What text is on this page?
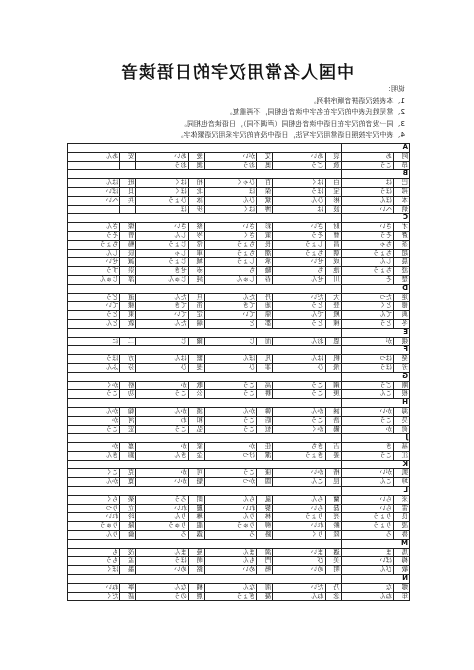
中国人名常用汉字的日语读音
说明：
1、本表按汉语拼音顺序排列。
2、常见姓氏表中的汉字在名字中读音也相同，不再重复。
3、同一发音的汉字在日语中读音也相同（声调不同），日语读音也相同。
4、表中汉字按照日语常用汉字写法，日语中没有的汉字采用汉语繁体字。
A									
阿	あ	哀	あい	艾	がい	愛	あい	安	あん
昂	こう	敖	ごう	奥	おう	澳	おう		
B									
巴	は	白	はく	百	ひゃく	柏	はく	班	はん
邦	ほう	宝	ほう	保	ほ	北	ほく	貝	ばい
本	ほん	彬	ひん	斌	ひん	冰	ひょう	兵	へい
炳	へい	波	は	博	はく	步	ほ		
C									
才	さい	財	ざい	彩	さい	蔡	さい	燦	さん
蒼	そう	曹	そう	策	さく	岑	しん	曾	そう
茶	ちゃ	昌	しょう	長	ちょう	常	じょう	暢	ちょう
超	ちょう	朝	ちょう	潮	ちょう	車	しゃ	辰	しん
晨	しん	成	せい	承	しょう	城	じょう	誠	せい
澄	ちょう	池	ち	馳	ち	赤	せき	崇	すう
楚	そ	川	せん	春	しゅん	純	じゅん	淳	じゅん
D									
達	たつ	大	だい	丹	たん	旦	たん	道	どう
徳	とく	登	とう	迪	てき	笛	てき	棣	てい
典	てん	殿	でん	鼎	てい	定	てい	東	とう
冬	とう	棟	とう	都	と	端	たん	敦	とん
E									
娥	が	恩	おん	而	じ	爾	じ	二	に
F									
発	はつ	帆	はん	凡	ぼん	繁	はん	方	ほう
芳	ほう	飛	ひ	菲	ひ	斐	ひ	芬	ふん
G									
剛	ごう	鋼	こう	高	こう	歌	か	格	かく
根	こん	庚	こう	耕	こう	公	こう	功	こう
H									
海	かい	涵	かん	韓	かん	漢	かん	翰	かん
昊	こう	浩	こう	皓	こう	和	わ	河	か
荷	か	鶴	かく	恒	こう	弘	こう	宏	こう
J									
基	き	吉	きち	佳	か	家	か	嘉	か
江	こう	姜	きょう	潔	けつ	金	きん	錦	きん
K									
凱	がい	楷	かい	康	こう	可	か	克	こく
坤	こん	昆	こん	闊	かつ	魁	かい	寛	かん
L									
来	らい	蘭	らん	嵐	らん	朗	ろう	楽	らく
雷	らい	磊	らい	黎	れい	麗	れい	立	りつ
良	りょう	亮	りょう	林	りん	琳	りん	玲	れい
凌	りょう	齢	れい	柳	りゅう	龍	りゅう	隆	りゅう
魯	ろ	陸	りく	路	ろ	露	ろ	倫	りん
M									
馬	ま	邁	まい	満	まん	曼	まん	茂	も
梅	ばい	美	び	門	もん	萌	ほう	孟	もう
敏	びん	明	めい	鳴	めい	銘	めい	墨	ぼく
N									
娜	な	乃	だい	南	なん	楠	なん	寧	ねい
年	ねん	念	ねん	凝	ぎょう	農	のう	諾	だく
